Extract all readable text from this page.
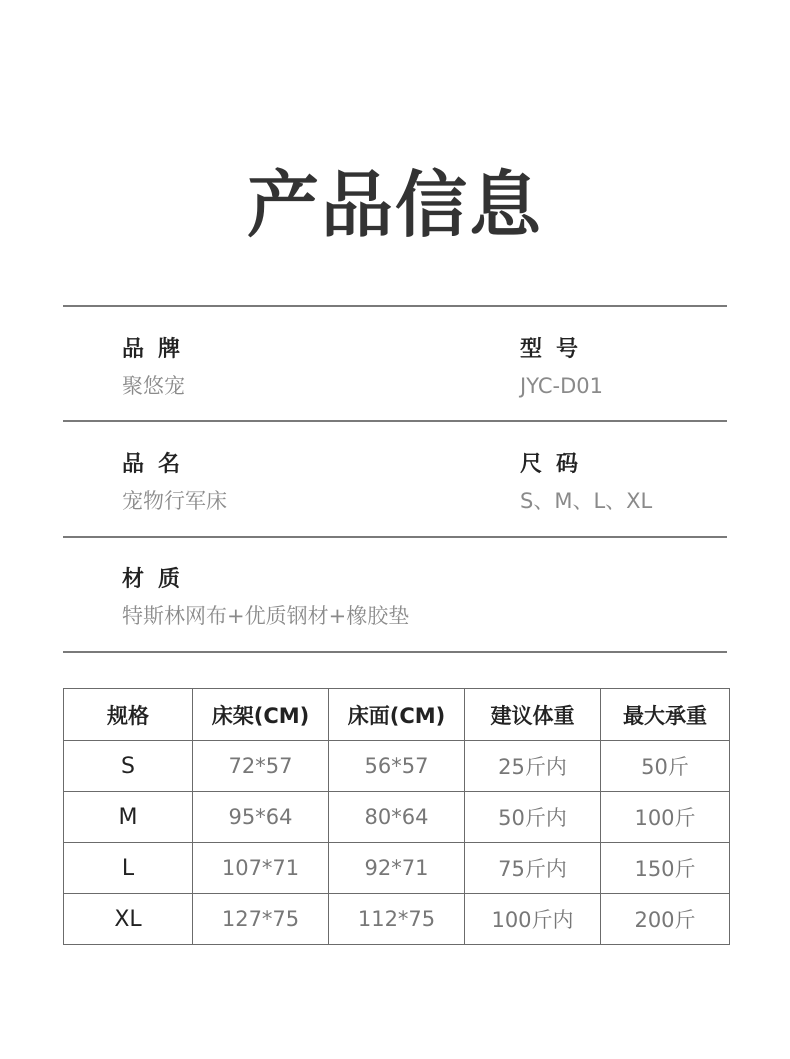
产品信息
品牌
聚悠宠
型号
JYC-D01
品名
宠物行军床
尺码
S、M、L、XL
材质
特斯林网布+优质钢材+橡胶垫
规格	床架(CM)	床面(CM)	建议体重	最大承重
S	72*57	56*57	25斤内	50斤
M	95*64	80*64	50斤内	100斤
L	107*71	92*71	75斤内	150斤
XL	127*75	112*75	100斤内	200斤
